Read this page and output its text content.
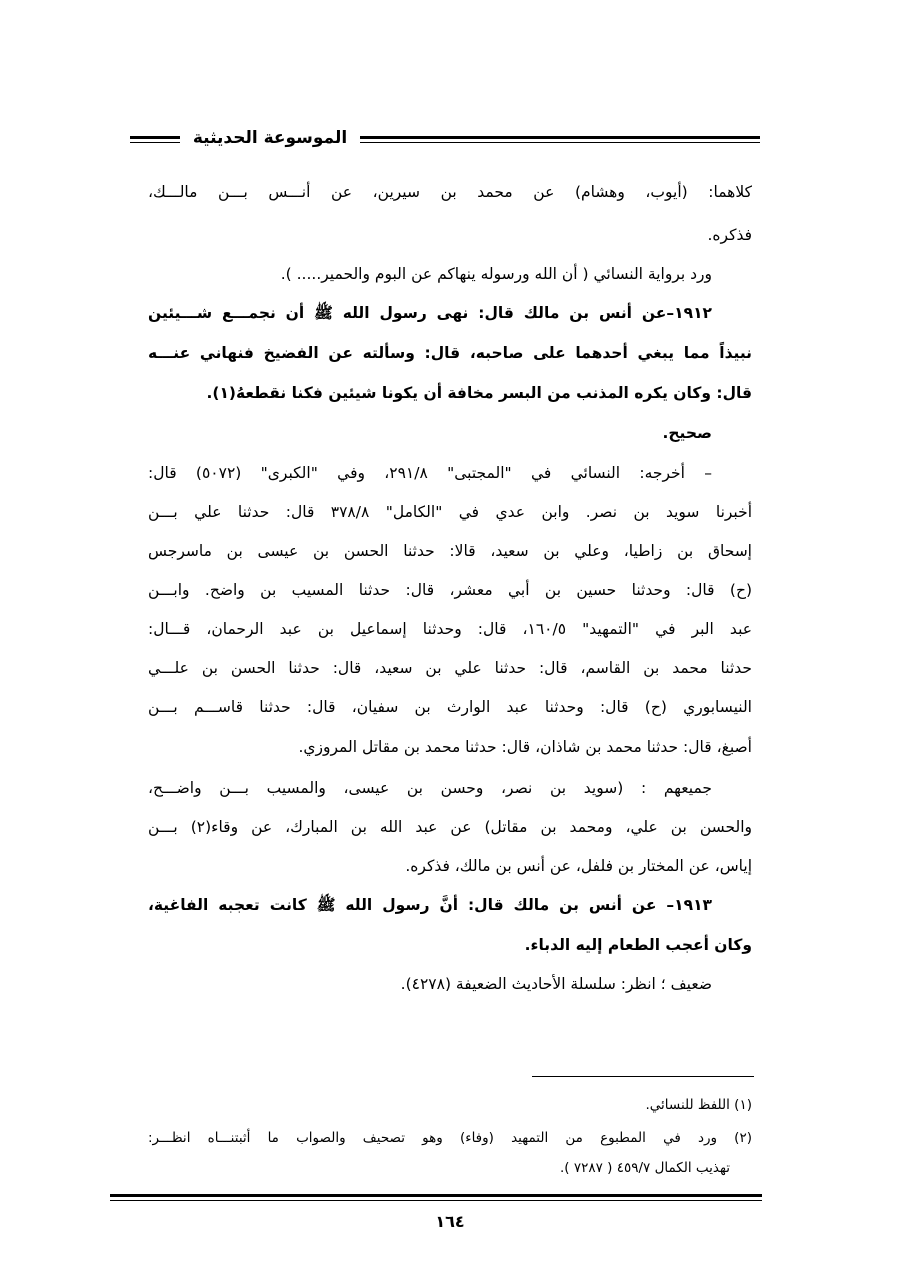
الموسوعة الحديثية
كلاهما: (أيوب، وهشام) عن محمد بن سيرين، عن أنـــس بـــن مالـــك،
فذكره.
ورد برواية النسائي ( أن الله ورسوله ينهاكم عن البوم والحمير..... ).
١٩١٢–عن أنس بن مالك قال: نهى رسول الله ﷺ أن نجمـــع شـــيئين
نبيذاً مما يبغي أحدهما على صاحبه، قال: وسألته عن الفضيخ فنهاني عنـــه
قال: وكان يكره المذنب من البسر مخافة أن يكونا شيئين فكنا نقطعهُ(١).
صحيح.
– أخرجه: النسائي في "المجتبى" ٢٩١/٨، وفي "الكبرى" (٥٠٧٢) قال:
أخبرنا سويد بن نصر. وابن عدي في "الكامل" ٣٧٨/٨ قال: حدثنا علي بـــن
إسحاق بن زاطيا، وعلي بن سعيد، قالا: حدثنا الحسن بن عيسى بن ماسرجس
(ح) قال: وحدثنا حسين بن أبي معشر، قال: حدثنا المسيب بن واضح. وابـــن
عبد البر في "التمهيد" ١٦٠/٥، قال: وحدثنا إسماعيل بن عبد الرحمان، قـــال:
حدثنا محمد بن القاسم، قال: حدثنا علي بن سعيد، قال: حدثنا الحسن بن علـــي
النيسابوري (ح) قال: وحدثنا عبد الوارث بن سفيان، قال: حدثنا قاســـم بـــن
أصبغ، قال: حدثنا محمد بن شاذان، قال: حدثنا محمد بن مقاتل المروزي.
جميعهم : (سويد بن نصر، وحسن بن عيسى، والمسيب بـــن واضـــح،
والحسن بن علي، ومحمد بن مقاتل) عن عبد الله بن المبارك، عن وقاء(٢) بـــن
إياس، عن المختار بن فلفل، عن أنس بن مالك، فذكره.
١٩١٣– عن أنس بن مالك قال: أنَّ رسول الله ﷺ كانت تعجبه الفاغية،
وكان أعجب الطعام إليه الدباء.
ضعيف ؛ انظر: سلسلة الأحاديث الضعيفة (٤٢٧٨).
(١) اللفظ للنسائي.
(٢) ورد في المطبوع من التمهيد (وفاء) وهو تصحيف والصواب ما أثبتنـــاه انظـــر:
تهذيب الكمال ٤٥٩/٧ ( ٧٢٨٧ ).
١٦٤
